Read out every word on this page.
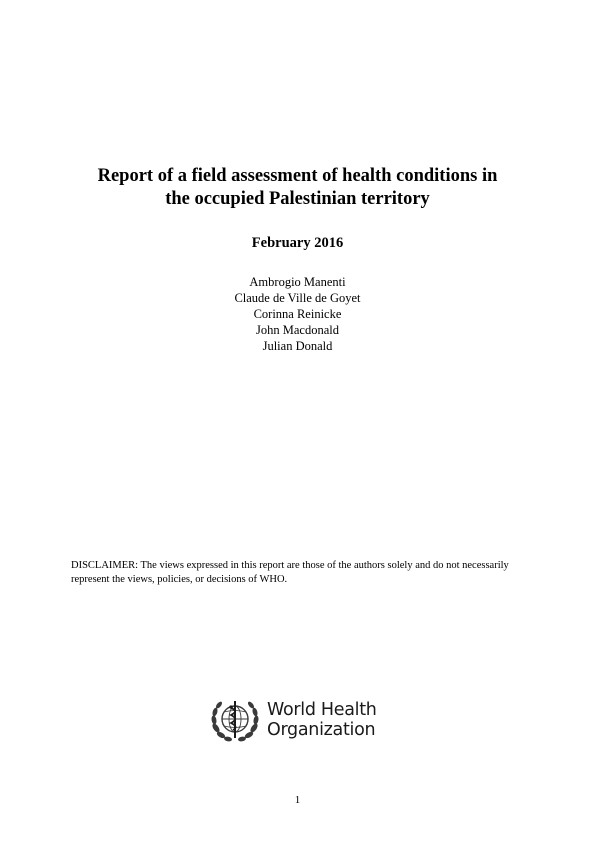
Report of a field assessment of health conditions in
the occupied Palestinian territory
February 2016
Ambrogio Manenti
Claude de Ville de Goyet
Corinna Reinicke
John Macdonald
Julian Donald

DISCLAIMER: The views expressed in this report are those of the authors solely and do not necessarily represent the views, policies, or decisions of WHO.

World Health
Organization
1
